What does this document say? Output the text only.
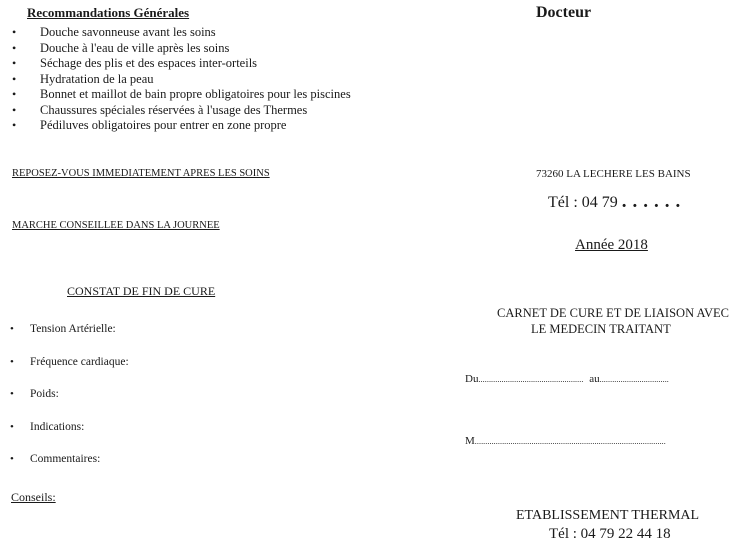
Recommandations Générales
• Douche savonneuse avant les soins
• Douche à l'eau de ville après les soins
• Séchage des plis et des espaces inter-orteils
• Hydratation de la peau
• Bonnet et maillot de bain propre obligatoires pour les piscines
• Chaussures spéciales réservées à l'usage des Thermes
• Pédiluves obligatoires pour entrer en zone propre
REPOSEZ-VOUS IMMEDIATEMENT APRES LES SOINS
MARCHE CONSEILLEE DANS LA JOURNEE
CONSTAT DE FIN DE CURE
• Tension Artérielle:
• Fréquence cardiaque:
• Poids:
• Indications:
• Commentaires:
Conseils:
Docteur
73260 LA LECHERE LES BAINS
Tél : 04 79 ......
Année 2018
CARNET DE CURE ET DE LIAISON AVEC
LE MEDECIN TRAITANT
Du.................................................. au.................................
M...........................................................................................
ETABLISSEMENT THERMAL
Tél : 04 79 22 44 18
